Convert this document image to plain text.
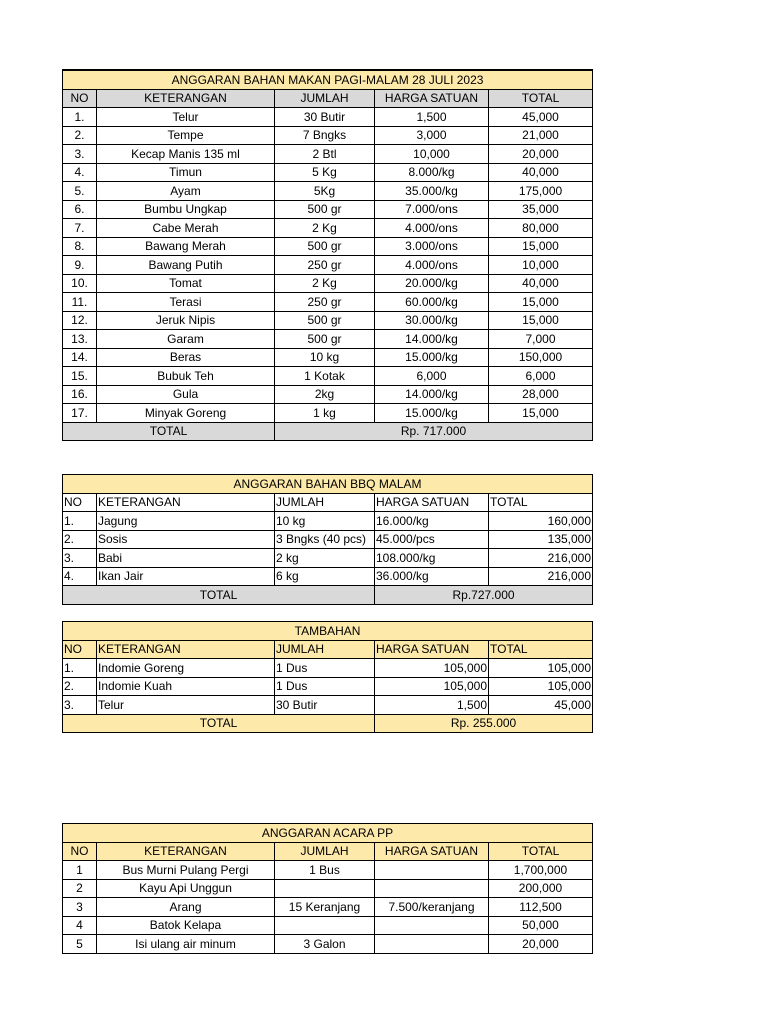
ANGGARAN BAHAN MAKAN PAGI-MALAM 28 JULI 2023				
NO	KETERANGAN	JUMLAH	HARGA SATUAN	TOTAL
1.	Telur	30 Butir	1,500	45,000
2.	Tempe	7 Bngks	3,000	21,000
3.	Kecap Manis 135 ml	2 Btl	10,000	20,000
4.	Timun	5 Kg	8.000/kg	40,000
5.	Ayam	5Kg	35.000/kg	175,000
6.	Bumbu Ungkap	500 gr	7.000/ons	35,000
7.	Cabe Merah	2 Kg	4.000/ons	80,000
8.	Bawang Merah	500 gr	3.000/ons	15,000
9.	Bawang Putih	250 gr	4.000/ons	10,000
10.	Tomat	2 Kg	20.000/kg	40,000
11.	Terasi	250 gr	60.000/kg	15,000
12.	Jeruk Nipis	500 gr	30.000/kg	15,000
13.	Garam	500 gr	14.000/kg	7,000
14.	Beras	10 kg	15.000/kg	150,000
15.	Bubuk Teh	1 Kotak	6,000	6,000
16.	Gula	2kg	14.000/kg	28,000
17.	Minyak Goreng	1 kg	15.000/kg	15,000
TOTAL		Rp. 717.000		
ANGGARAN BAHAN BBQ MALAM				
NO	KETERANGAN	JUMLAH	HARGA SATUAN	TOTAL
1.	Jagung	10 kg	16.000/kg	160,000
2.	Sosis	3 Bngks (40 pcs)	45.000/pcs	135,000
3.	Babi	2 kg	108.000/kg	216,000
4.	Ikan Jair	6 kg	36.000/kg	216,000
TOTAL			Rp.727.000	
TAMBAHAN				
NO	KETERANGAN	JUMLAH	HARGA SATUAN	TOTAL
1.	Indomie Goreng	1 Dus	105,000	105,000
2.	Indomie Kuah	1 Dus	105,000	105,000
3.	Telur	30 Butir	1,500	45,000
TOTAL			Rp. 255.000	
ANGGARAN ACARA PP				
NO	KETERANGAN	JUMLAH	HARGA SATUAN	TOTAL
1	Bus Murni Pulang Pergi	1 Bus		1,700,000
2	Kayu Api Unggun			200,000
3	Arang	15 Keranjang	7.500/keranjang	112,500
4	Batok Kelapa			50,000
5	Isi ulang air minum	3 Galon		20,000
